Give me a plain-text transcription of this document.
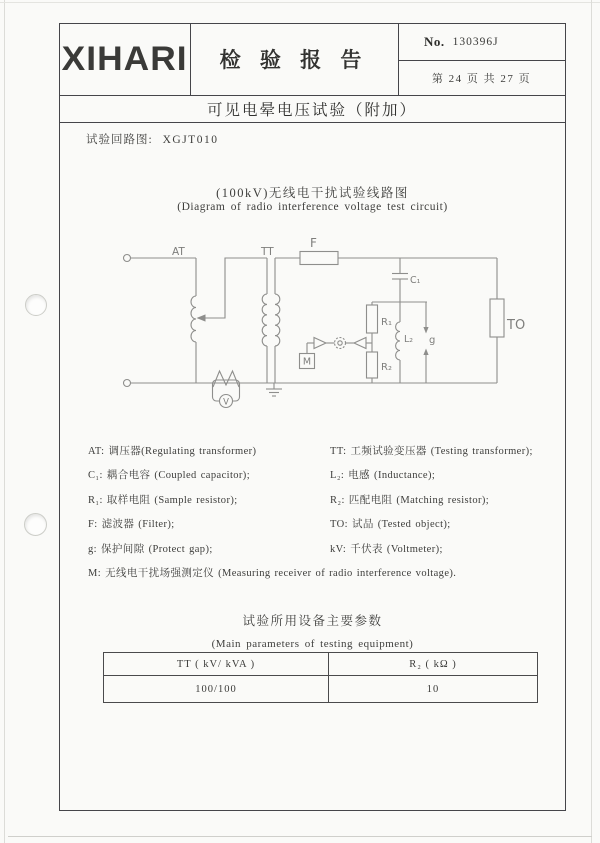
XIHARI 检 验 报 告
No. 130396J
第 24 页 共 27 页
可见电晕电压试验（附加）
试验回路图: XGJT010
(100kV)无线电干扰试验线路图
(Diagram of radio interference voltage test circuit)
AT	TT
F
C₁
TO
R₁
R₂
L₂ g
M
V
AT: 调压器(Regulating transformer)	TT: 工频试验变压器 (Testing transformer);
C₁: 耦合电容 (Coupled capacitor);	L₂: 电感 (Inductance);
R₁: 取样电阻 (Sample resistor);	R₂: 匹配电阻 (Matching resistor);
F: 滤波器 (Filter);	TO: 试品 (Tested object);
g: 保护间隙 (Protect gap);	kV: 千伏表 (Voltmeter);
M: 无线电干扰场强测定仪 (Measuring receiver of radio interference voltage).
试验所用设备主要参数
(Main parameters of testing equipment)
TT ( kV/ kVA )	R₂ ( kΩ )
100/100	10
